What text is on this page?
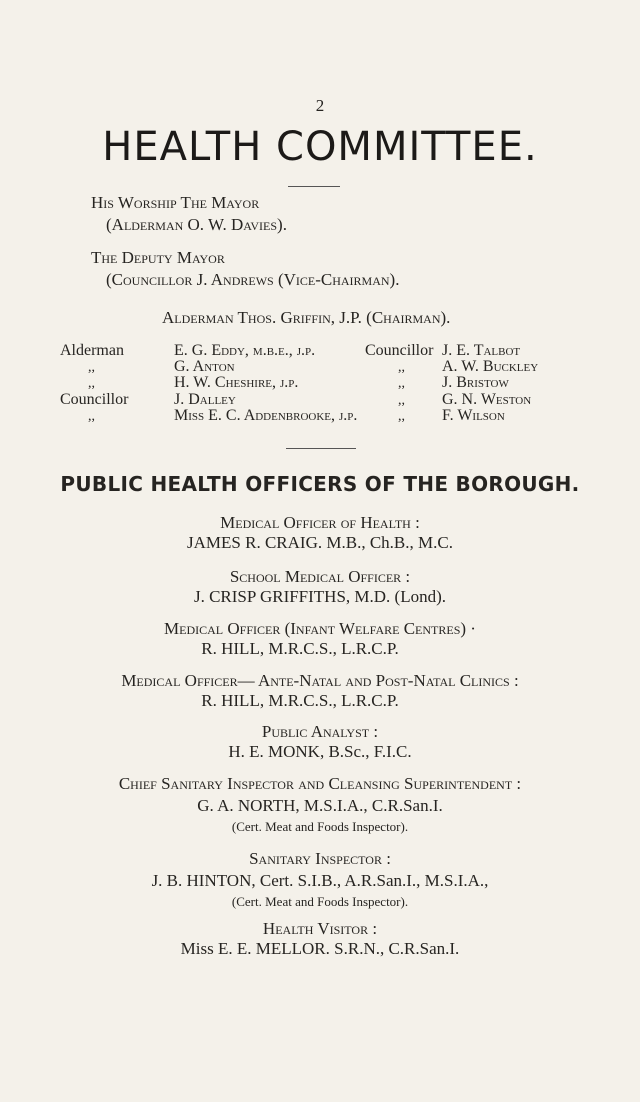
2
HEALTH COMMITTEE.
His Worship The Mayor
(Alderman O. W. Davies).
The Deputy Mayor
(Councillor J. Andrews (Vice-Chairman).
Alderman Thos. Griffin, J.P. (Chairman).
Alderman
,,
,,
Councillor
,,
E. G. Eddy, m.b.e., j.p.
G. Anton
H. W. Cheshire, j.p.
J. Dalley
Miss E. C. Addenbrooke, j.p.
Councillor
,,
,,
,,
,,
J. E. Talbot
A. W. Buckley
J. Bristow
G. N. Weston
F. Wilson
PUBLIC HEALTH OFFICERS OF THE BOROUGH.
Medical Officer of Health :
JAMES R. CRAIG. M.B., Ch.B., M.C.
School Medical Officer :
J. CRISP GRIFFITHS, M.D. (Lond).
Medical Officer (Infant Welfare Centres) ·
R. HILL, M.R.C.S., L.R.C.P.
Medical Officer— Ante-Natal and Post-Natal Clinics :
R. HILL, M.R.C.S., L.R.C.P.
Public Analyst :
H. E. MONK, B.Sc., F.I.C.
Chief Sanitary Inspector and Cleansing Superintendent :
G. A. NORTH, M.S.I.A., C.R.San.I.
(Cert. Meat and Foods Inspector).
Sanitary Inspector :
J. B. HINTON, Cert. S.I.B., A.R.San.I., M.S.I.A.,
(Cert. Meat and Foods Inspector).
Health Visitor :
Miss E. E. MELLOR. S.R.N., C.R.San.I.
